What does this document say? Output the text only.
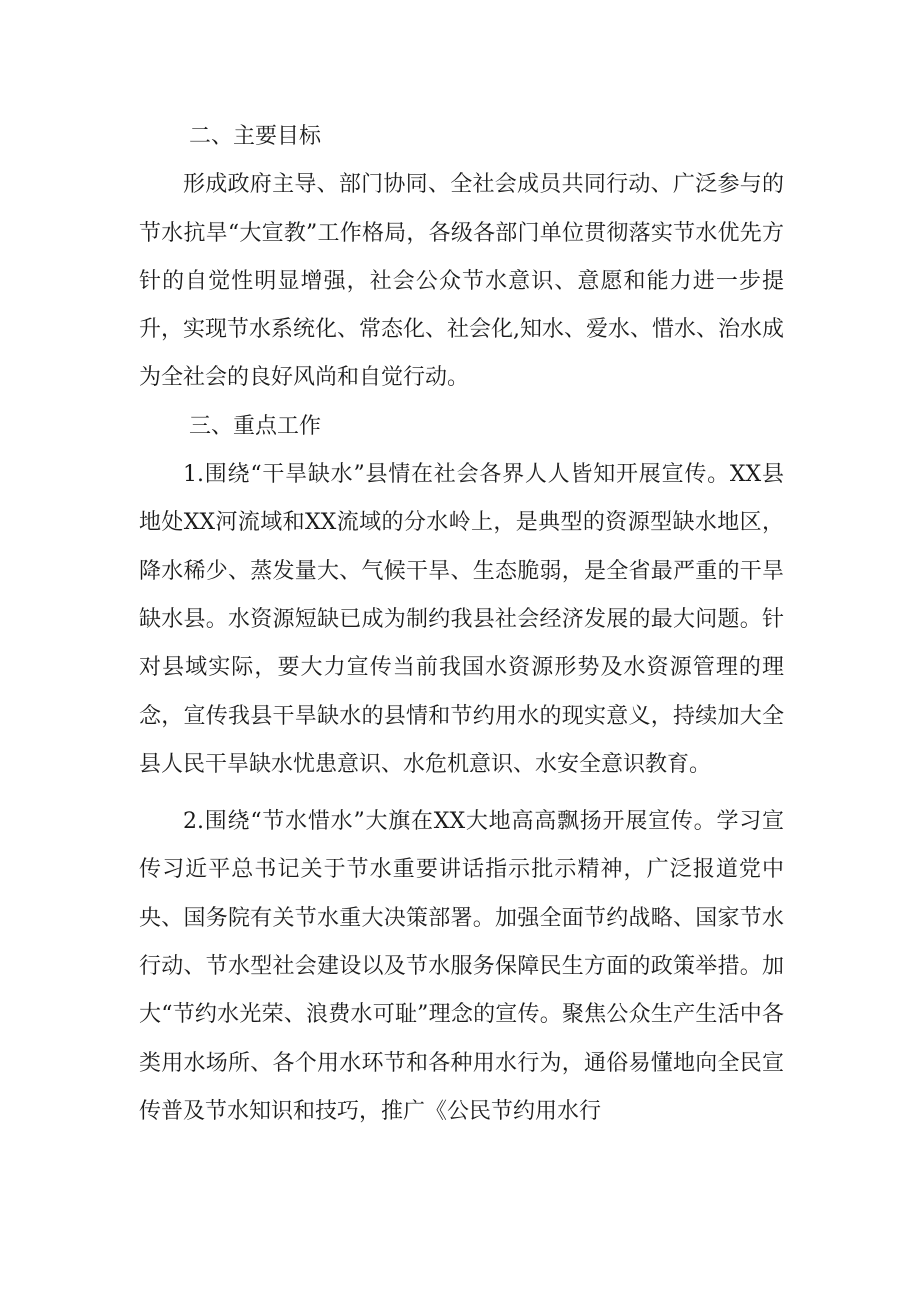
二、主要目标

形成政府主导、部门协同、全社会成员共同行动、广泛参与的节水抗旱“大宣教”工作格局，各级各部门单位贯彻落实节水优先方针的自觉性明显增强，社会公众节水意识、意愿和能力进一步提升，实现节水系统化、常态化、社会化,知水、爱水、惜水、治水成为全社会的良好风尚和自觉行动。

三、重点工作

1.围绕“干旱缺水”县情在社会各界人人皆知开展宣传。XX县地处XX河流域和XX流域的分水岭上，是典型的资源型缺水地区，降水稀少、蒸发量大、气候干旱、生态脆弱，是全省最严重的干旱缺水县。水资源短缺已成为制约我县社会经济发展的最大问题。针对县域实际，要大力宣传当前我国水资源形势及水资源管理的理念，宣传我县干旱缺水的县情和节约用水的现实意义，持续加大全县人民干旱缺水忧患意识、水危机意识、水安全意识教育。

2.围绕“节水惜水”大旗在XX大地高高飘扬开展宣传。学习宣传习近平总书记关于节水重要讲话指示批示精神，广泛报道党中央、国务院有关节水重大决策部署。加强全面节约战略、国家节水行动、节水型社会建设以及节水服务保障民生方面的政策举措。加大“节约水光荣、浪费水可耻”理念的宣传。聚焦公众生产生活中各类用水场所、各个用水环节和各种用水行为，通俗易懂地向全民宣传普及节水知识和技巧，推广《公民节约用水行
